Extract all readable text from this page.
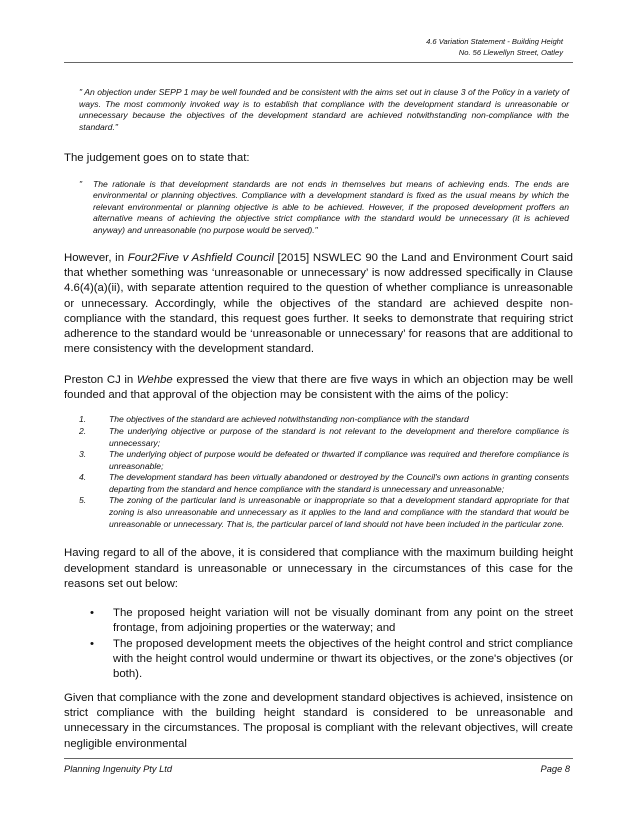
4.6 Variation Statement - Building Height
No. 56 Llewellyn Street, Oatley
" An objection under SEPP 1 may be well founded and be consistent with the aims set out in clause 3 of the Policy in a variety of ways. The most commonly invoked way is to establish that compliance with the development standard is unreasonable or unnecessary because the objectives of the development standard are achieved notwithstanding non-compliance with the standard."

The judgement goes on to state that:

" The rationale is that development standards are not ends in themselves but means of achieving ends. The ends are environmental or planning objectives. Compliance with a development standard is fixed as the usual means by which the relevant environmental or planning objective is able to be achieved. However, if the proposed development proffers an alternative means of achieving the objective strict compliance with the standard would be unnecessary (it is achieved anyway) and unreasonable (no purpose would be served)."

However, in Four2Five v Ashfield Council [2015] NSWLEC 90 the Land and Environment Court said that whether something was ‘unreasonable or unnecessary’ is now addressed specifically in Clause 4.6(4)(a)(ii), with separate attention required to the question of whether compliance is unreasonable or unnecessary. Accordingly, while the objectives of the standard are achieved despite non-compliance with the standard, this request goes further. It seeks to demonstrate that requiring strict adherence to the standard would be ‘unreasonable or unnecessary’ for reasons that are additional to mere consistency with the development standard.

Preston CJ in Wehbe expressed the view that there are five ways in which an objection may be well founded and that approval of the objection may be consistent with the aims of the policy:

1.	The objectives of the standard are achieved notwithstanding non-compliance with the standard
2.	The underlying objective or purpose of the standard is not relevant to the development and therefore compliance is unnecessary;
3.	The underlying object of purpose would be defeated or thwarted if compliance was required and therefore compliance is unreasonable;
4.	The development standard has been virtually abandoned or destroyed by the Council's own actions in granting consents departing from the standard and hence compliance with the standard is unnecessary and unreasonable;
5.	The zoning of the particular land is unreasonable or inappropriate so that a development standard appropriate for that zoning is also unreasonable and unnecessary as it applies to the land and compliance with the standard that would be unreasonable or unnecessary. That is, the particular parcel of land should not have been included in the particular zone.

Having regard to all of the above, it is considered that compliance with the maximum building height development standard is unreasonable or unnecessary in the circumstances of this case for the reasons set out below:

• The proposed height variation will not be visually dominant from any point on the street frontage, from adjoining properties or the waterway; and
• The proposed development meets the objectives of the height control and strict compliance with the height control would undermine or thwart its objectives, or the zone's objectives (or both).

Given that compliance with the zone and development standard objectives is achieved, insistence on strict compliance with the building height standard is considered to be unreasonable and unnecessary in the circumstances. The proposal is compliant with the relevant objectives, will create negligible environmental

Planning Ingenuity Pty Ltd	Page 8
